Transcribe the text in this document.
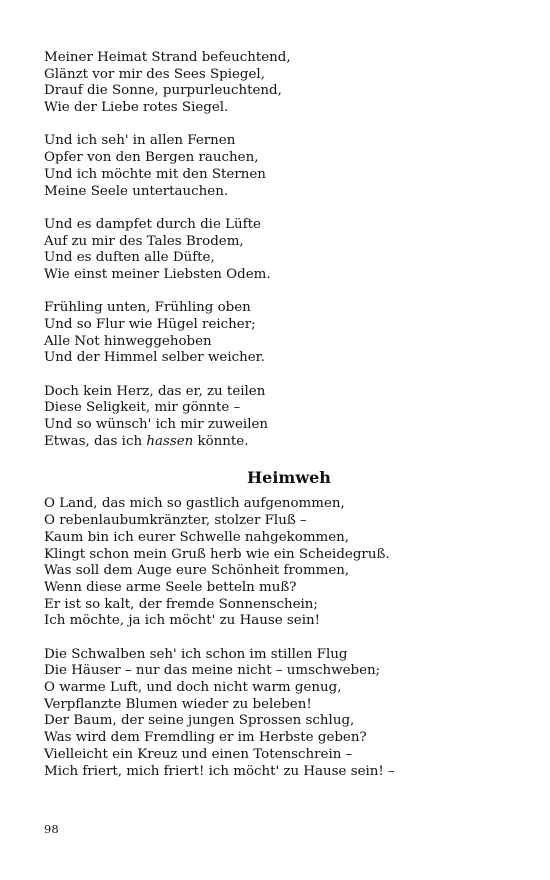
Meiner Heimat Strand befeuchtend,
Glänzt vor mir des Sees Spiegel,
Drauf die Sonne, purpurleuchtend,
Wie der Liebe rotes Siegel.
Und ich seh' in allen Fernen
Opfer von den Bergen rauchen,
Und ich möchte mit den Sternen
Meine Seele untertauchen.
Und es dampfet durch die Lüfte
Auf zu mir des Tales Brodem,
Und es duften alle Düfte,
Wie einst meiner Liebsten Odem.
Frühling unten, Frühling oben
Und so Flur wie Hügel reicher;
Alle Not hinweggehoben
Und der Himmel selber weicher.
Doch kein Herz, das er, zu teilen
Diese Seligkeit, mir gönnte –
Und so wünsch' ich mir zuweilen
Etwas, das ich hassen könnte.
Heimweh
O Land, das mich so gastlich aufgenommen,
O rebenlaubumkränzter, stolzer Fluß –
Kaum bin ich eurer Schwelle nahgekommen,
Klingt schon mein Gruß herb wie ein Scheidegruß.
Was soll dem Auge eure Schönheit frommen,
Wenn diese arme Seele betteln muß?
Er ist so kalt, der fremde Sonnenschein;
Ich möchte, ja ich möcht' zu Hause sein!
Die Schwalben seh' ich schon im stillen Flug
Die Häuser – nur das meine nicht – umschweben;
O warme Luft, und doch nicht warm genug,
Verpflanzte Blumen wieder zu beleben!
Der Baum, der seine jungen Sprossen schlug,
Was wird dem Fremdling er im Herbste geben?
Vielleicht ein Kreuz und einen Totenschrein –
Mich friert, mich friert! ich möcht' zu Hause sein! –
98
